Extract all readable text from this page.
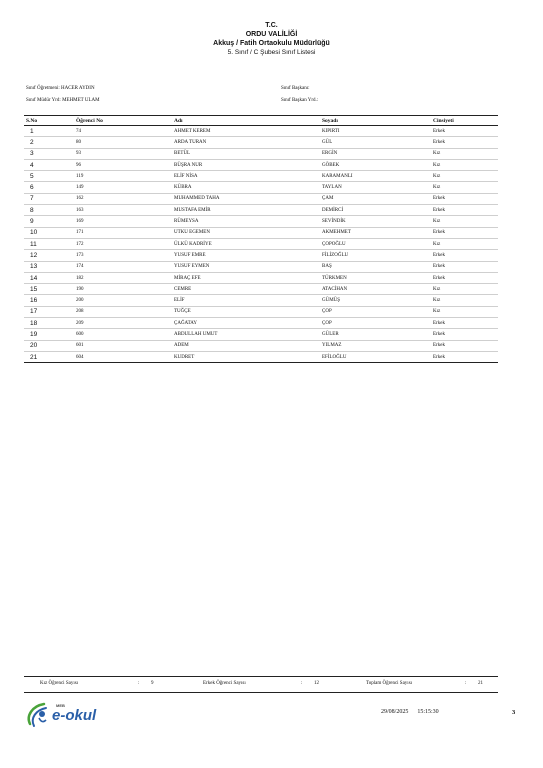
T.C.
ORDU VALİLİĞİ
Akkuş / Fatih Ortaokulu Müdürlüğü
5. Sınıf / C Şubesi Sınıf Listesi
Sınıf Öğretmeni: HACER AYDIN
Sınıf Müdür Yrd: MEHMET ULAM
Sınıf Başkanı:
Sınıf Başkan Yrd.:
S.No	Öğrenci No	Adı	Soyadı	Cinsiyeti
1	74	AHMET KEREM	KIPIRTI	Erkek
2	80	ARDA TURAN	GÜL	Erkek
3	93	BETÜL	ERGİN	Kız
4	96	BÜŞRA NUR	GÖBEK	Kız
5	119	ELİF NİSA	KARAMANLI	Kız
6	149	KÜBRA	TAYLAN	Kız
7	162	MUHAMMED TAHA	ÇAM	Erkek
8	163	MUSTAFA EMİR	DEMİRCİ	Erkek
9	169	RÜMEYSA	SEVİNDİK	Kız
10	171	UTKU EGEMEN	AKMEHMET	Erkek
11	172	ÜLKÜ KADRİYE	ÇOPOĞLU	Kız
12	173	YUSUF EMRE	FİLİZOĞLU	Erkek
13	174	YUSUF EYMEN	BAŞ	Erkek
14	182	MİRAÇ EFE	TÜRKMEN	Erkek
15	190	CEMRE	ATACİHAN	Kız
16	200	ELİF	GÜMÜŞ	Kız
17	208	TUĞÇE	ÇOP	Kız
18	209	ÇAĞATAY	ÇOP	Erkek
19	600	ABDULLAH UMUT	GÜLER	Erkek
20	601	ADEM	YILMAZ	Erkek
21	604	KUDRET	EFİLOĞLU	Erkek
Kız Öğrenci Sayısı	: 9	Erkek Öğrenci Sayısı	: 12	Toplam Öğrenci Sayısı	: 21
MEB
e-okul	29/08/2025 15:15:30	3
